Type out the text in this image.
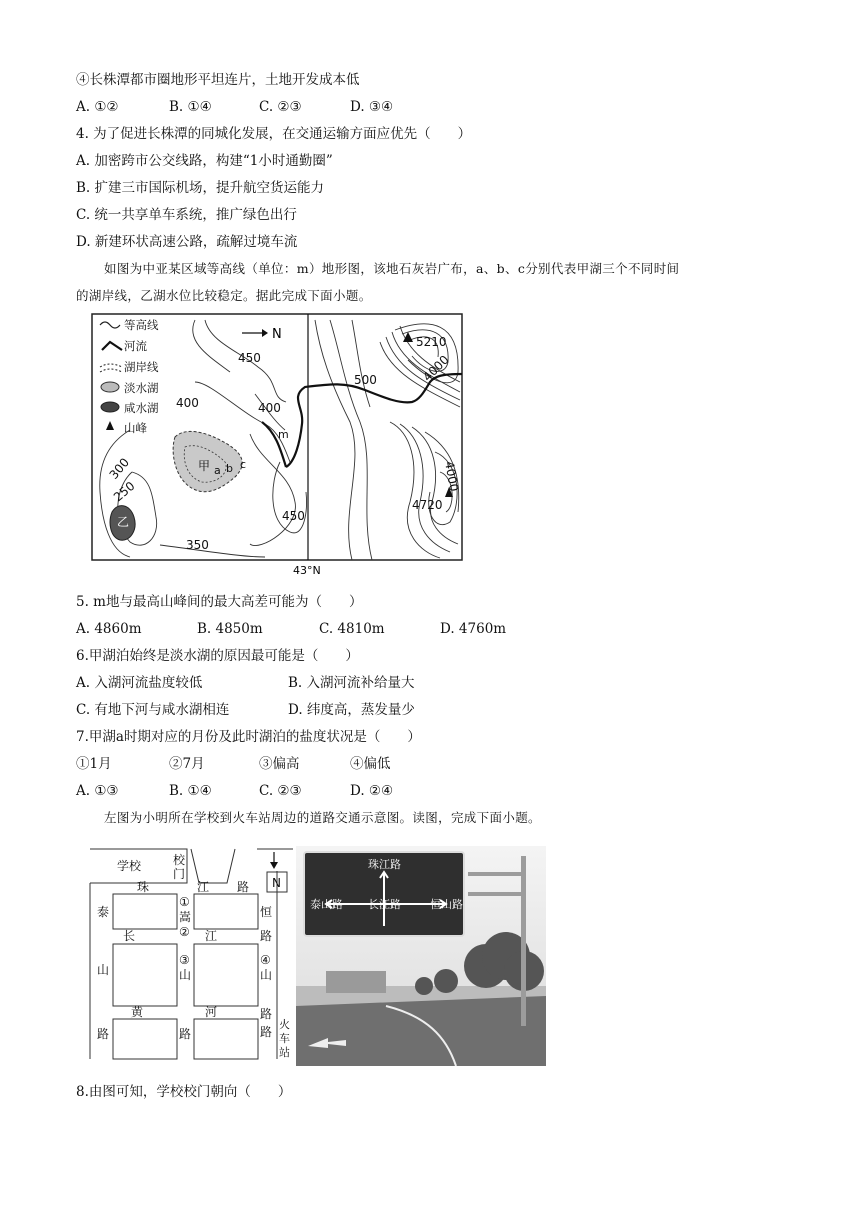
④长株潭都市圈地形平坦连片，土地开发成本低
A. ①②	B. ①④	C. ②③	D. ③④
4. 为了促进长株潭的同城化发展，在交通运输方面应优先（　　）
A. 加密跨市公交线路，构建“1小时通勤圈”
B. 扩建三市国际机场，提升航空货运能力
C. 统一共享单车系统，推广绿色出行
D. 新建环状高速公路，疏解过境车流
如图为中亚某区域等高线（单位：m）地形图，该地石灰岩广布，a、b、c分别代表甲湖三个不同时间
的湖岸线，乙湖水位比较稳定。据此完成下面小题。
等高线
河流
湖岸线
淡水湖
咸水湖
山峰
N
43°N
450
500
400	400
m
300
250
350
450
4000
4000
5210
4720
甲 a b c
乙
5. m地与最高山峰间的最大高差可能为（　　）
A. 4860m	B. 4850m	C. 4810m	D. 4760m
6.甲湖泊始终是淡水湖的原因最可能是（　　）
A. 入湖河流盐度较低	B. 入湖河流补给量大
C. 有地下河与咸水湖相连	D. 纬度高，蒸发量少
7.甲湖a时期对应的月份及此时湖泊的盐度状况是（　　）
①1月	②7月	③偏高	④偏低
A. ①③	B. ①④	C. ②③	D. ②④
左图为小明所在学校到火车站周边的道路交通示意图。读图，完成下面小题。
N
学校	校
门
珠	江 路
泰
山
路
①
嵩
②
长	江
③
山
路
恒
路
④
山
路
黄	河
路
火
车
站
珠江路
泰山路 长江路	恒山路
8.由图可知，学校校门朝向（　　）
